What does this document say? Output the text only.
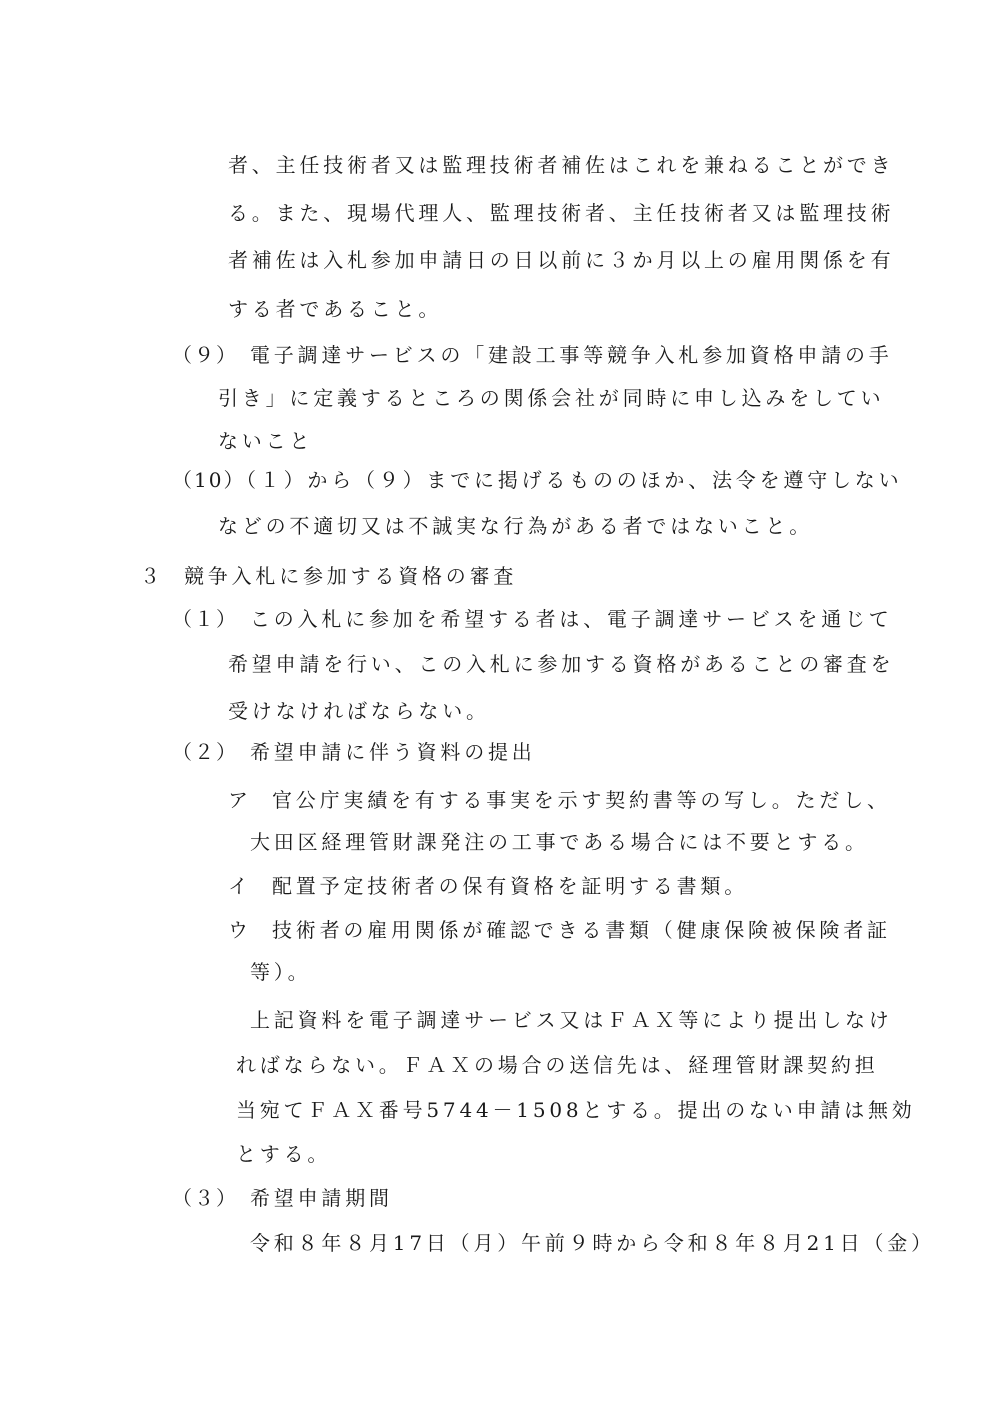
者、主任技術者又は監理技術者補佐はこれを兼ねることができ
る。また、現場代理人、監理技術者、主任技術者又は監理技術
者補佐は入札参加申請日の日以前に３か月以上の雇用関係を有
する者であること。
（９） 電子調達サービスの「建設工事等競争入札参加資格申請の手
引き」に定義するところの関係会社が同時に申し込みをしてい
ないこと
（10）
（１）から（９）までに掲げるもののほか、法令を遵守しない
などの不適切又は不誠実な行為がある者ではないこと。
３ 競争入札に参加する資格の審査
（１） この入札に参加を希望する者は、電子調達サービスを通じて
希望申請を行い、この入札に参加する資格があることの審査を
受けなければならない。
（２） 希望申請に伴う資料の提出
ア 官公庁実績を有する事実を示す契約書等の写し。ただし、
大田区経理管財課発注の工事である場合には不要とする。
イ 配置予定技術者の保有資格を証明する書類。
ウ 技術者の雇用関係が確認できる書類（健康保険被保険者証
等）。
上記資料を電子調達サービス又はＦＡＸ等により提出しなけ
ればならない。ＦＡＸの場合の送信先は、経理管財課契約担
当宛てＦＡＸ番号5744－1508とする。提出のない申請は無効
とする。
（３） 希望申請期間
令和８年８月17日（月）午前９時から令和８年８月21日（金）
